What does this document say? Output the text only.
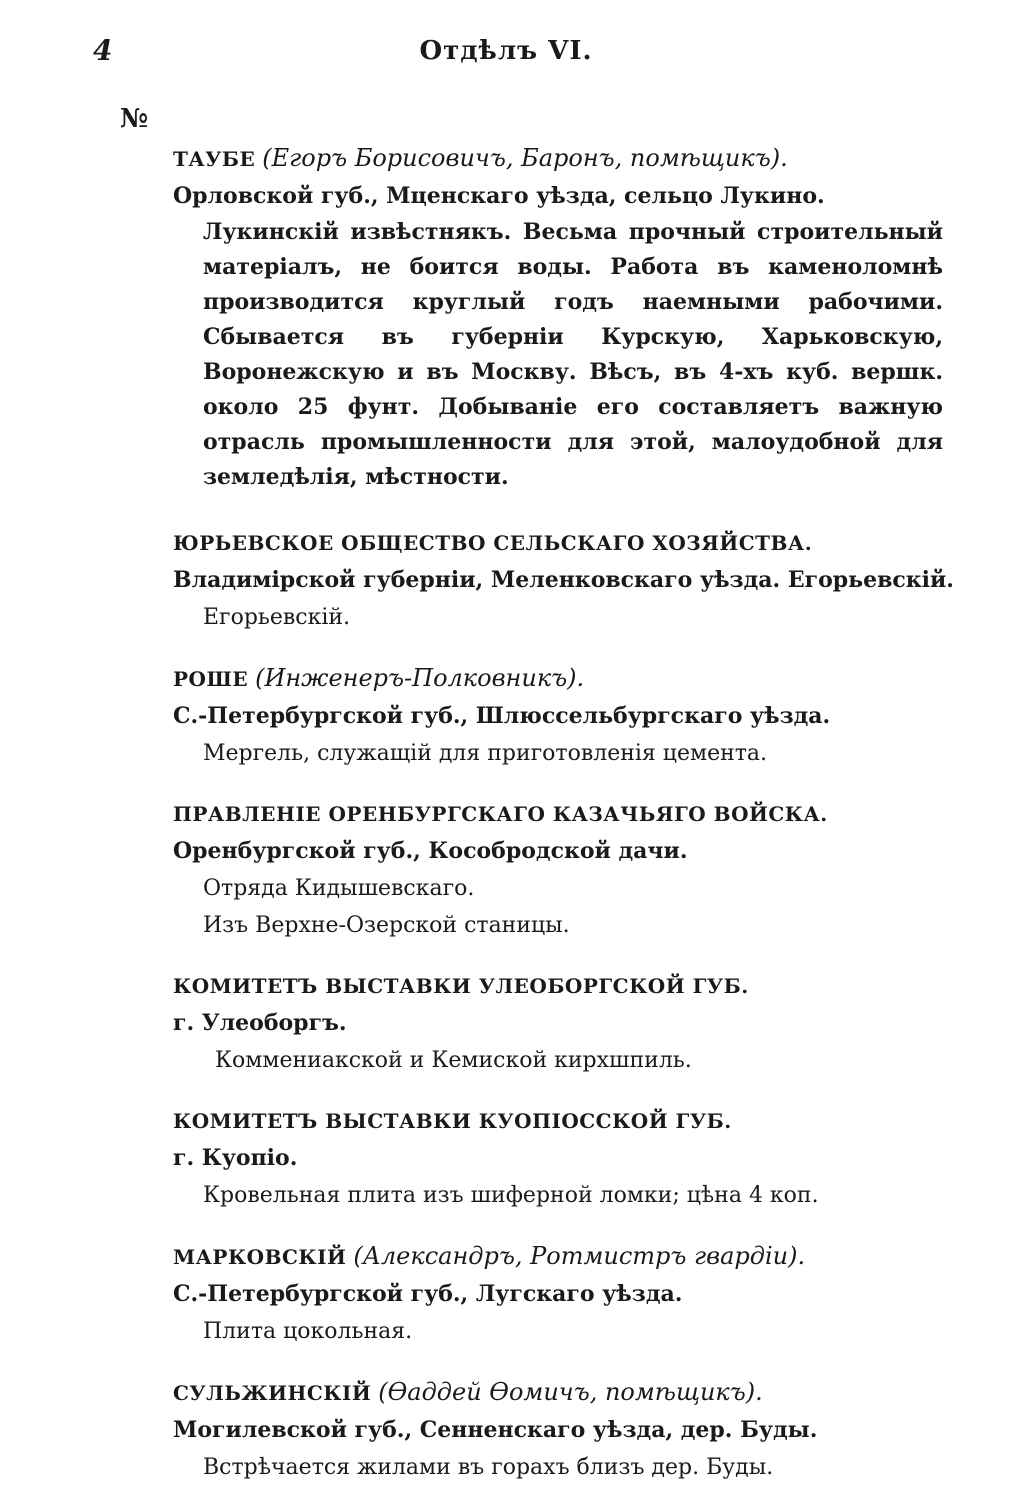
4	Отдѣлъ VI.
№
ТАУБЕ (Егоръ Борисовичъ, Баронъ, помѣщикъ).
Орловской губ., Мценскаго уѣзда, сельцо Лукино.
Лукинскій извѣстнякъ. Весьма прочный строительный матеріалъ, не боится воды. Работа въ каменоломнѣ производится круглый годъ наемными рабочими. Сбывается въ губерніи Курскую, Харьковскую, Воронежскую и въ Москву. Вѣсъ, въ 4-хъ куб. вершк. около 25 фунт. Добываніе его составляетъ важную отрасль промышленности для этой, малоудобной для земледѣлія, мѣстности.
ЮРЬЕВСКОЕ ОБЩЕСТВО СЕЛЬСКАГО ХОЗЯЙСТВА.
Владимірской губерніи, Меленковскаго уѣзда. Егорьевскій.
Егорьевскій.
РОШЕ (Инженеръ-Полковникъ).
С.-Петербургской губ., Шлюссельбургскаго уѣзда.
Мергель, служащій для приготовленія цемента.
ПРАВЛЕНІЕ ОРЕНБУРГСКАГО КАЗАЧЬЯГО ВОЙСКА.
Оренбургской губ., Кособродской дачи.
Отряда Кидышевскаго.
Изъ Верхне-Озерской станицы.
КОМИТЕТЪ ВЫСТАВКИ УЛЕОБОРГСКОЙ ГУБ.
г. Улеоборгъ.
Коммениакской и Кемиской кирхшпиль.
КОМИТЕТЪ ВЫСТАВКИ КУОПІОССКОЙ ГУБ.
г. Куопіо.
Кровельная плита изъ шиферной ломки; цѣна 4 коп.
МАРКОВСКІЙ (Александръ, Ротмистръ гвардіи).
С.-Петербургской губ., Лугскаго уѣзда.
Плита цокольная.
СУЛЬЖИНСКІЙ (Ѳаддей Ѳомичъ, помѣщикъ).
Могилевской губ., Сенненскаго уѣзда, дер. Буды.
Встрѣчается жилами въ горахъ близъ дер. Буды.
